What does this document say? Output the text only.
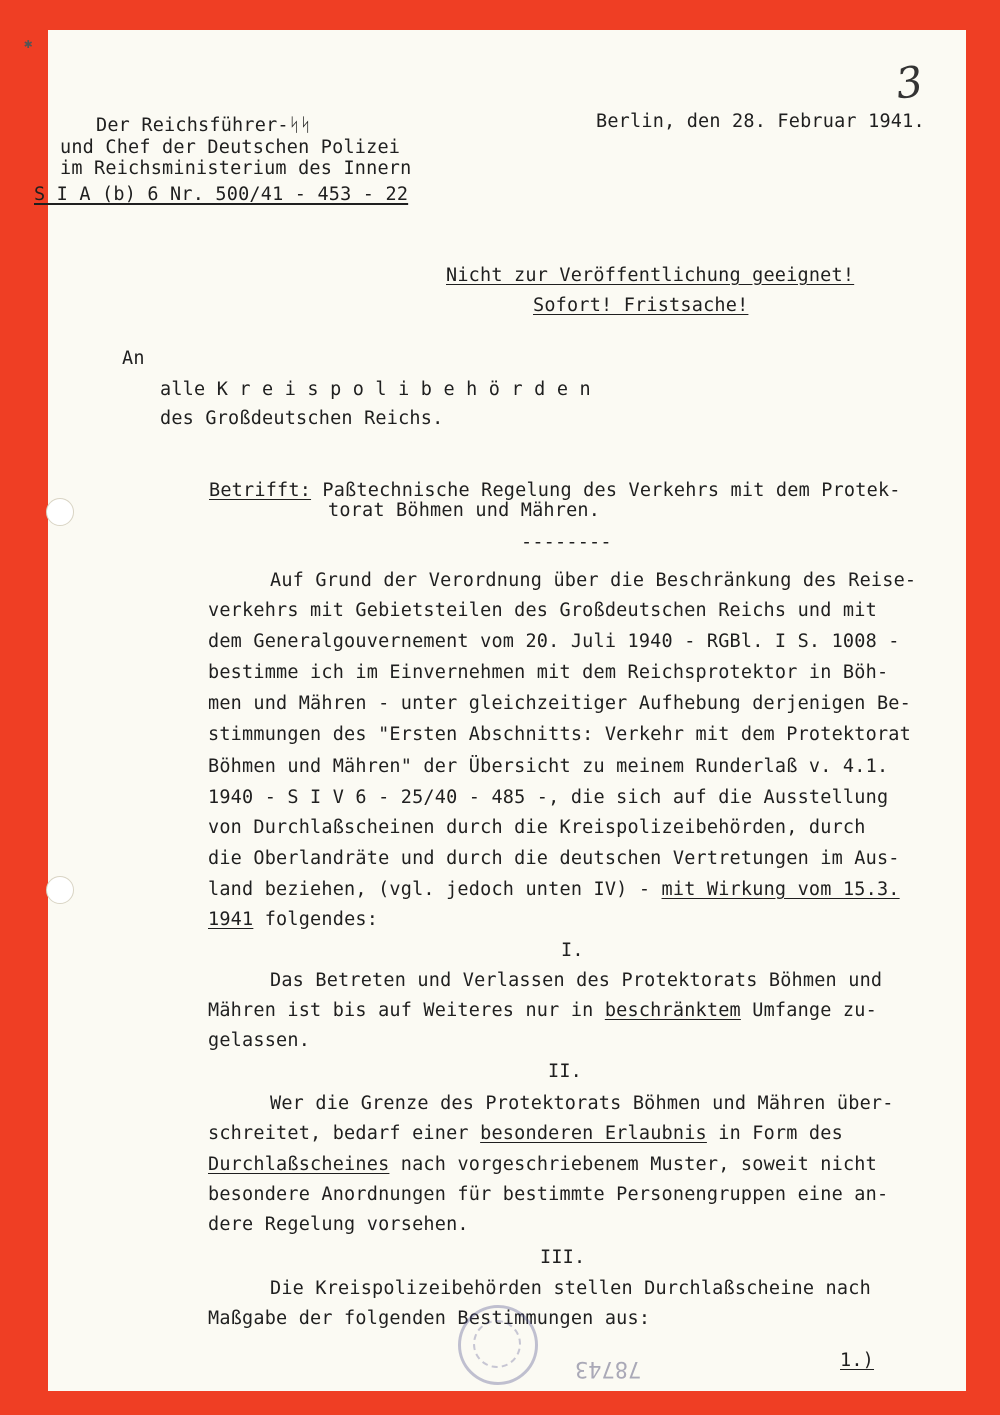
✱
3
Der Reichsführer-ᛋᛋ
und Chef der Deutschen Polizei
im Reichsministerium des Innern
S I A (b) 6 Nr. 500/41 - 453 - 22
Berlin, den 28. Februar 1941.
Nicht zur Veröffentlichung geeignet!
Sofort! Fristsache!
An
alle K r e i s p o l i b e h ö r d e n
des Großdeutschen Reichs.
Betrifft: Paßtechnische Regelung des Verkehrs mit dem Protek-
torat Böhmen und Mähren.
--------
Auf Grund der Verordnung über die Beschränkung des Reise-
verkehrs mit Gebietsteilen des Großdeutschen Reichs und mit
dem Generalgouvernement vom 20. Juli 1940 - RGBl. I S. 1008 -
bestimme ich im Einvernehmen mit dem Reichsprotektor in Böh-
men und Mähren - unter gleichzeitiger Aufhebung derjenigen Be-
stimmungen des "Ersten Abschnitts: Verkehr mit dem Protektorat
Böhmen und Mähren" der Übersicht zu meinem Runderlaß v. 4.1.
1940 - S I V 6 - 25/40 - 485 -, die sich auf die Ausstellung
von Durchlaßscheinen durch die Kreispolizeibehörden, durch
die Oberlandräte und durch die deutschen Vertretungen im Aus-
land beziehen, (vgl. jedoch unten IV) - mit Wirkung vom 15.3.
1941 folgendes:
I.
Das Betreten und Verlassen des Protektorats Böhmen und
Mähren ist bis auf Weiteres nur in beschränktem Umfange zu-
gelassen.
II.
Wer die Grenze des Protektorats Böhmen und Mähren über-
schreitet, bedarf einer besonderen Erlaubnis in Form des
Durchlaßscheines nach vorgeschriebenem Muster, soweit nicht
besondere Anordnungen für bestimmte Personengruppen eine an-
dere Regelung vorsehen.
III.
Die Kreispolizeibehörden stellen Durchlaßscheine nach
Maßgabe der folgenden Bestimmungen aus:
1.)
78743
